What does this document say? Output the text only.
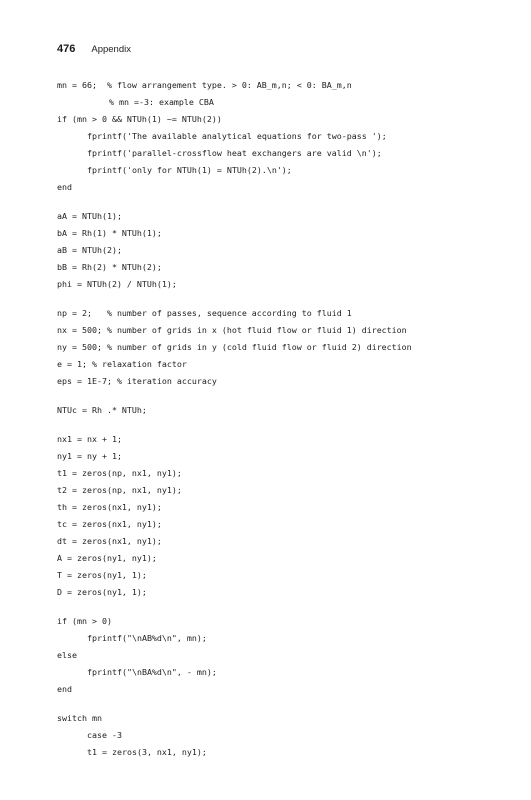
476 Appendix
mn = 66;  % flow arrangement type. > 0: AB_m,n; < 0: BA_m,n
% mn =-3: example CBA
if (mn > 0 && NTUh(1) ~= NTUh(2))
fprintf('The available analytical equations for two-pass ');
fprintf('parallel-crossflow heat exchangers are valid \n');
fprintf('only for NTUh(1) = NTUh(2).\n');
end
aA = NTUh(1);
bA = Rh(1) * NTUh(1);
aB = NTUh(2);
bB = Rh(2) * NTUh(2);
phi = NTUh(2) / NTUh(1);
np = 2;   % number of passes, sequence according to fluid 1
nx = 500; % number of grids in x (hot fluid flow or fluid 1) direction
ny = 500; % number of grids in y (cold fluid flow or fluid 2) direction
e = 1; % relaxation factor
eps = 1E-7; % iteration accuracy
NTUc = Rh .* NTUh;
nx1 = nx + 1;
ny1 = ny + 1;
t1 = zeros(np, nx1, ny1);
t2 = zeros(np, nx1, ny1);
th = zeros(nx1, ny1);
tc = zeros(nx1, ny1);
dt = zeros(nx1, ny1);
A = zeros(ny1, ny1);
T = zeros(ny1, 1);
D = zeros(ny1, 1);
if (mn > 0)
fprintf("\nAB%d\n", mn);
else
fprintf("\nBA%d\n", - mn);
end
switch mn
case -3
t1 = zeros(3, nx1, ny1);
